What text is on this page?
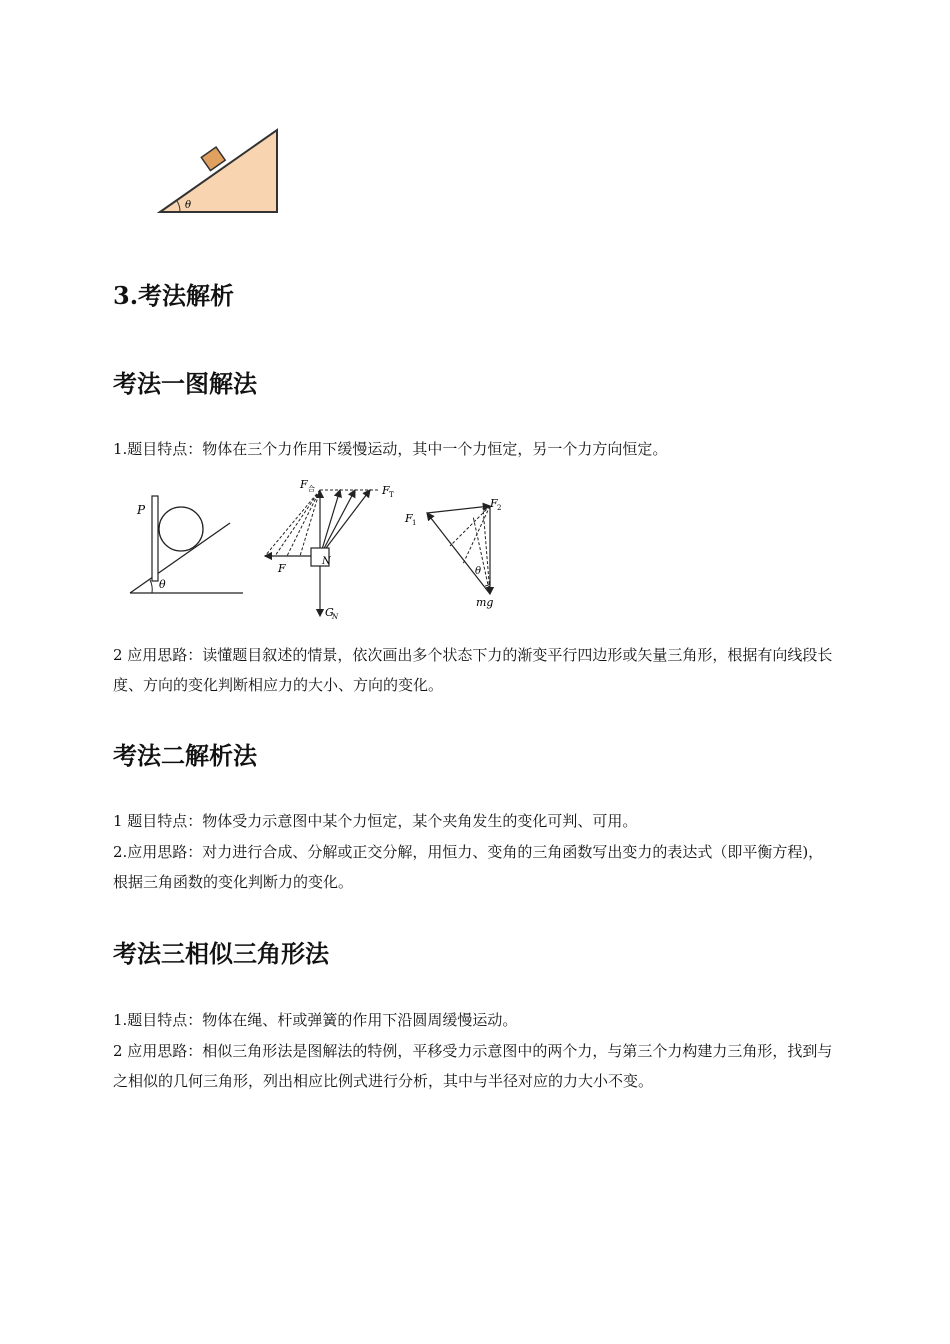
θ
3.考法解析
考法一图解法

1.题目特点：物体在三个力作用下缓慢运动，其中一个力恒定，另一个力方向恒定。

P
θ
F 合	F T
F
N
G
N
F 1
F 2
θ
mg

2 应用思路：读懂题目叙述的情景，依次画出多个状态下力的渐变平行四边形或矢量三角形，根据有向线段长度、方向的变化判断相应力的大小、方向的变化。

考法二解析法

1 题目特点：物体受力示意图中某个力恒定，某个夹角发生的变化可判、可用。

2.应用思路：对力进行合成、分解或正交分解，用恒力、变角的三角函数写出变力的表达式（即平衡方程)，根据三角函数的变化判断力的变化。

考法三相似三角形法

1.题目特点：物体在绳、杆或弹簧的作用下沿圆周缓慢运动。

2 应用思路：相似三角形法是图解法的特例，平移受力示意图中的两个力，与第三个力构建力三角形，找到与之相似的几何三角形，列出相应比例式进行分析，其中与半径对应的力大小不变。
